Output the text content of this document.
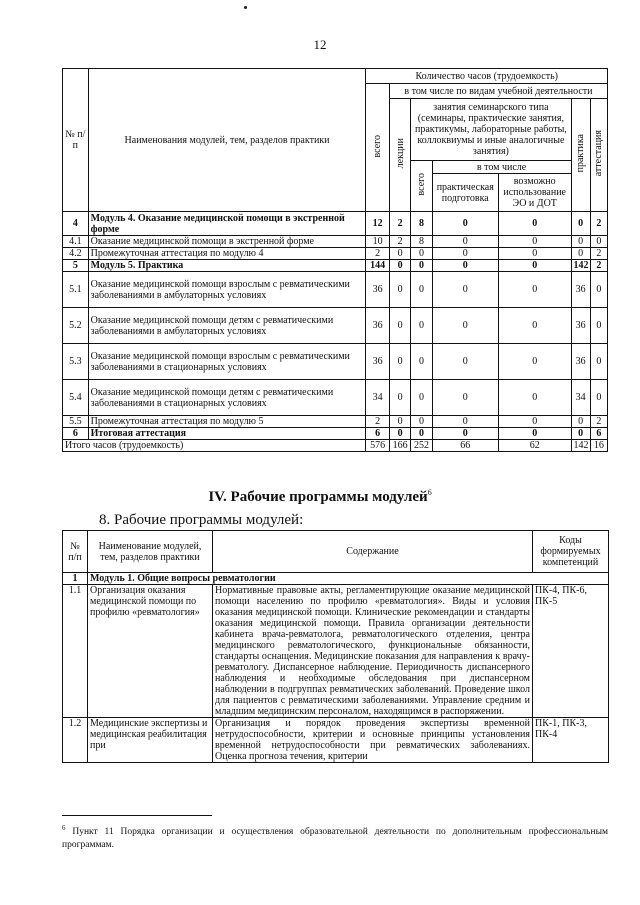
12
№ п/п	Наименования модулей, тем, разделов практики	Количество часов (трудоемкость)						
		всего	в том числе по видам учебной деятельности					
			лекции	занятия семинарского типа (семинары, практические занятия, практикумы, лабораторные работы, коллоквиумы и иные аналогичные занятия)			практика	аттестация
				всего	в том числе			
					практическая подготовка	возможно использование ЭО и ДОТ		
4	Модуль 4. Оказание медицинской помощи в экстренной форме	12	2	8	0	0	0	2
4.1	Оказание медицинской помощи в экстренной форме	10	2	8	0	0	0	0
4.2	Промежуточная аттестация по модулю 4	2	0	0	0	0	0	2
5	Модуль 5. Практика	144	0	0	0	0	142	2
5.1	Оказание медицинской помощи взрослым с ревматическими заболеваниями в амбулаторных условиях	36	0	0	0	0	36	0
5.2	Оказание медицинской помощи детям с ревматическими заболеваниями в амбулаторных условиях	36	0	0	0	0	36	0
5.3	Оказание медицинской помощи взрослым с ревматическими заболеваниями в стационарных условиях	36	0	0	0	0	36	0
5.4	Оказание медицинской помощи детям с ревматическими заболеваниями в стационарных условиях	34	0	0	0	0	34	0
5.5	Промежуточная аттестация по модулю 5	2	0	0	0	0	0	2
6	Итоговая аттестация	6	0	0	0	0	0	6
Итого часов (трудоемкость)		576	166	252	66	62	142	16
IV. Рабочие программы модулей$^6$
8. Рабочие программы модулей:
№ п/п	Наименование модулей, тем, разделов практики	Содержание	Коды формируемых компетенций
1	Модуль 1. Общие вопросы ревматологии		
1.1	Организация оказания медицинской помощи по профилю «ревматология»	Нормативные правовые акты, регламентирующие оказание медицинской помощи населению по профилю «ревматология». Виды и условия оказания медицинской помощи. Клинические рекомендации и стандарты оказания медицинской помощи. Правила организации деятельности кабинета врача-ревматолога, ревматологического отделения, центра медицинского ревматологического, функциональные обязанности, стандарты оснащения. Медицинские показания для направления к врачу-ревматологу. Диспансерное наблюдение. Периодичность диспансерного наблюдения и необходимые обследования при диспансерном наблюдении в подгруппах ревматических заболеваний. Проведение школ для пациентов с ревматическими заболеваниями. Управление средним и младшим медицинским персоналом, находящимся в распоряжении.	ПК-4, ПК-6, ПК-5
1.2	Медицинские экспертизы и медицинская реабилитация при	Организация и порядок проведения экспертизы временной нетрудоспособности, критерии и основные принципы установления временной нетрудоспособности при ревматических заболеваниях. Оценка прогноза течения, критерии	ПК-1, ПК-3, ПК-4
$^6$ Пункт 11 Порядка организации и осуществления образовательной деятельности по дополнительным профессиональным программам.
